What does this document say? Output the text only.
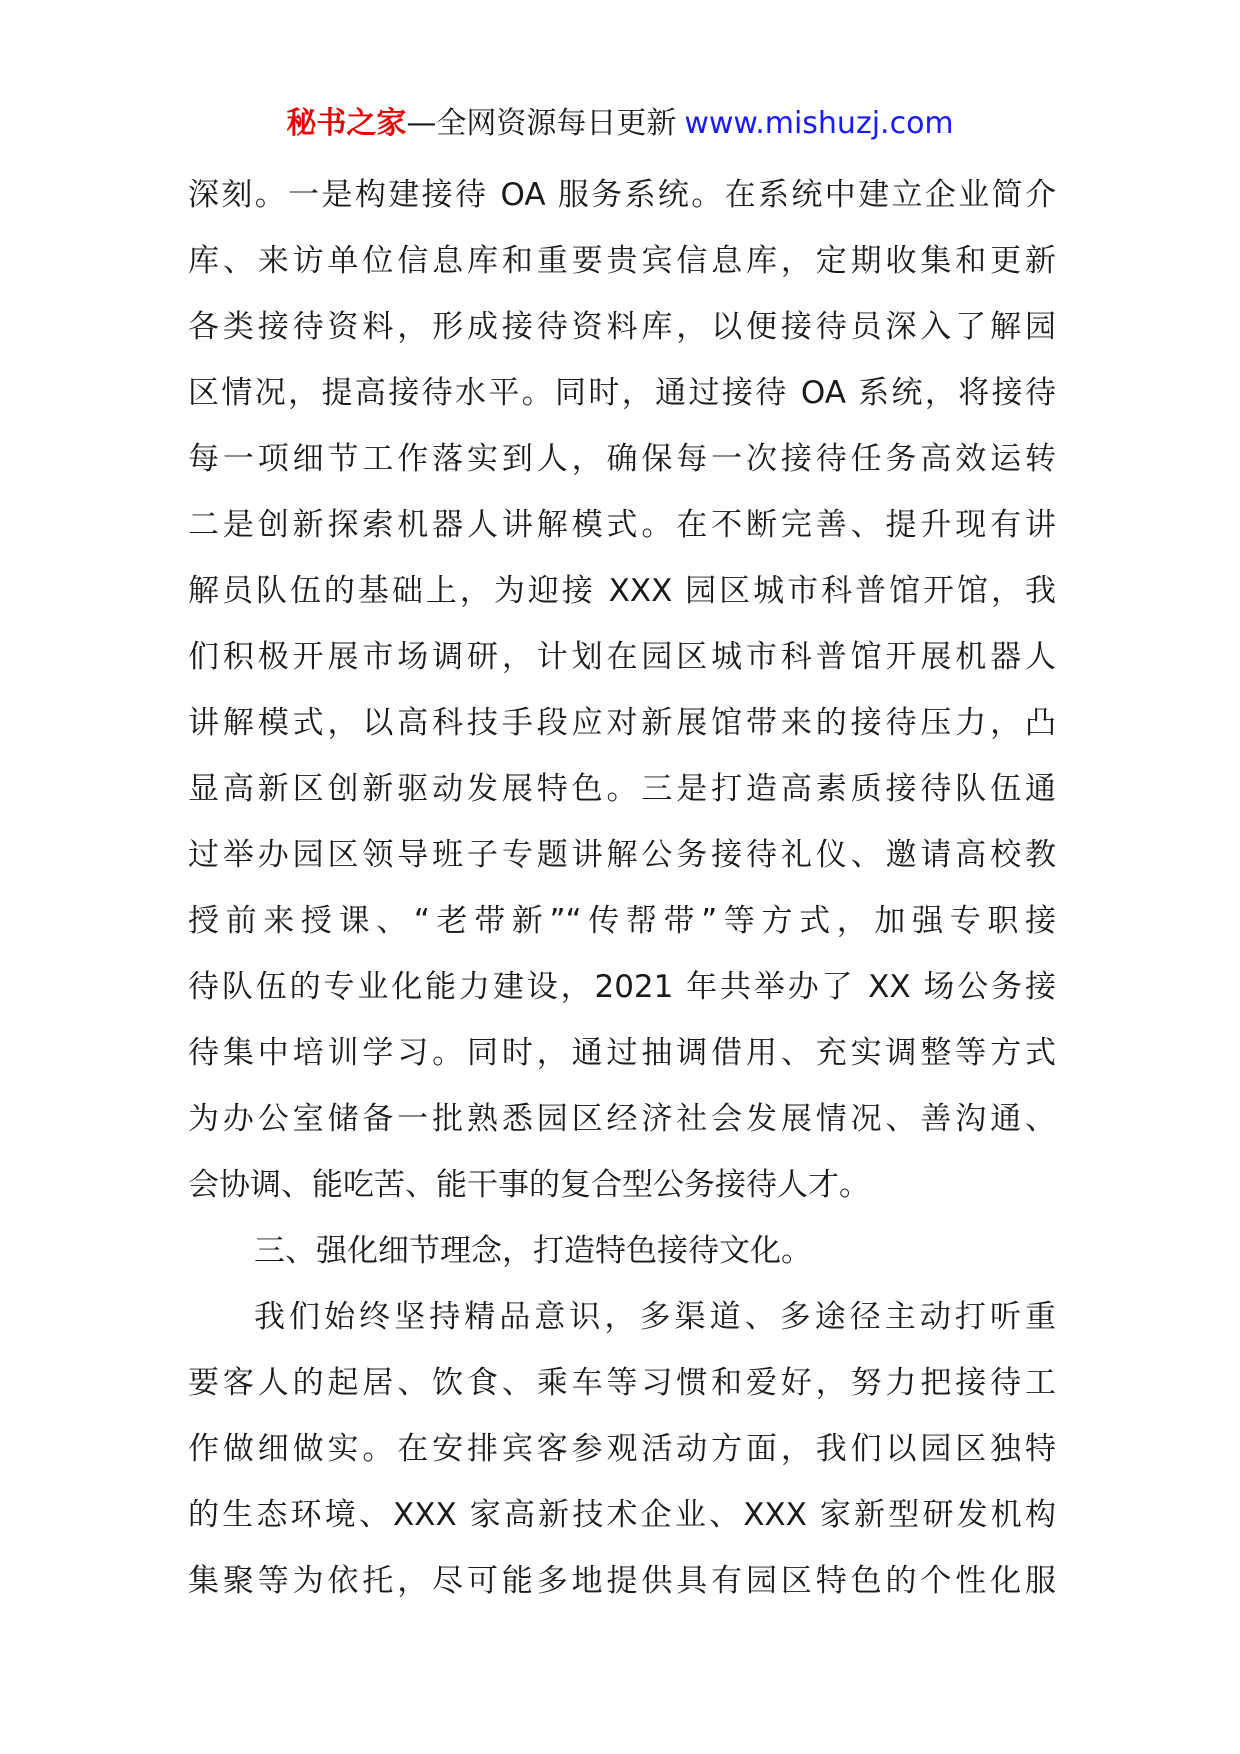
秘书之家—全网资源每日更新 www.mishuzj.com
深刻。一是构建接待 OA 服务系统。在系统中建立企业简介
库、来访单位信息库和重要贵宾信息库，定期收集和更新
各类接待资料，形成接待资料库，以便接待员深入了解园
区情况，提高接待水平。同时，通过接待 OA 系统，将接待
每一项细节工作落实到人，确保每一次接待任务高效运转
二是创新探索机器人讲解模式。在不断完善、提升现有讲
解员队伍的基础上，为迎接 XXX 园区城市科普馆开馆，我
们积极开展市场调研，计划在园区城市科普馆开展机器人
讲解模式，以高科技手段应对新展馆带来的接待压力，凸
显高新区创新驱动发展特色。三是打造高素质接待队伍通
过举办园区领导班子专题讲解公务接待礼仪、邀请高校教
授前来授课、“老带新”“传帮带”等方式，加强专职接
待队伍的专业化能力建设，2021 年共举办了 XX 场公务接
待集中培训学习。同时，通过抽调借用、充实调整等方式
为办公室储备一批熟悉园区经济社会发展情况、善沟通、
会协调、能吃苦、能干事的复合型公务接待人才。
三、强化细节理念，打造特色接待文化。
我们始终坚持精品意识，多渠道、多途径主动打听重
要客人的起居、饮食、乘车等习惯和爱好，努力把接待工
作做细做实。在安排宾客参观活动方面，我们以园区独特
的生态环境、XXX 家高新技术企业、XXX 家新型研发机构
集聚等为依托，尽可能多地提供具有园区特色的个性化服
